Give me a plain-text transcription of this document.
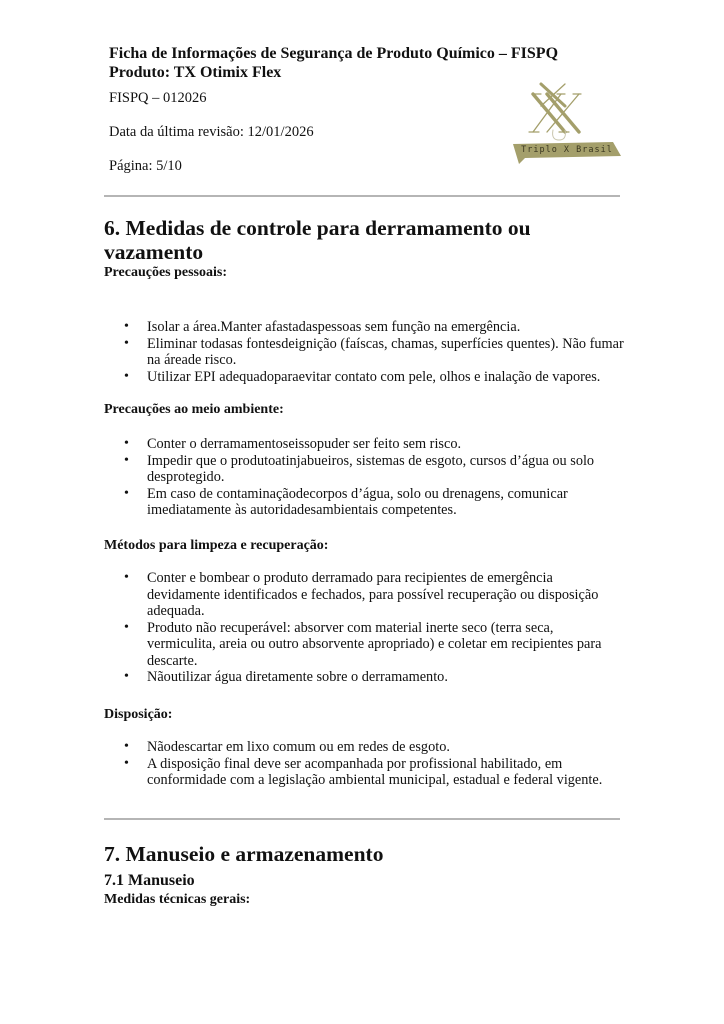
Ficha de Informações de Segurança de Produto Químico – FISPQ
Produto: TX Otimix Flex
FISPQ – 012026
Data da última revisão: 12/01/2026
Página: 5/10
Triplo X Brasil
6. Medidas de controle para derramamento ou vazamento
Precauções pessoais:
• Isolar a área.Manter afastadaspessoas sem função na emergência.
• Eliminar todasas fontesdeignição (faíscas, chamas, superfícies quentes). Não fumar na áreade risco.
• Utilizar EPI adequadoparaevitar contato com pele, olhos e inalação de vapores.
Precauções ao meio ambiente:
• Conter o derramamentoseissopuder ser feito sem risco.
• Impedir que o produtoatinjabueiros, sistemas de esgoto, cursos d’água ou solo desprotegido.
• Em caso de contaminaçãodecorpos d’água, solo ou drenagens, comunicar imediatamente às autoridadesambientais competentes.
Métodos para limpeza e recuperação:
• Conter e bombear o produto derramado para recipientes de emergência devidamente identificados e fechados, para possível recuperação ou disposição adequada.
• Produto não recuperável: absorver com material inerte seco (terra seca, vermiculita, areia ou outro absorvente apropriado) e coletar em recipientes para descarte.
• Nãoutilizar água diretamente sobre o derramamento.
Disposição:
• Nãodescartar em lixo comum ou em redes de esgoto.
• A disposição final deve ser acompanhada por profissional habilitado, em conformidade com a legislação ambiental municipal, estadual e federal vigente.
7. Manuseio e armazenamento
7.1 Manuseio
Medidas técnicas gerais:
